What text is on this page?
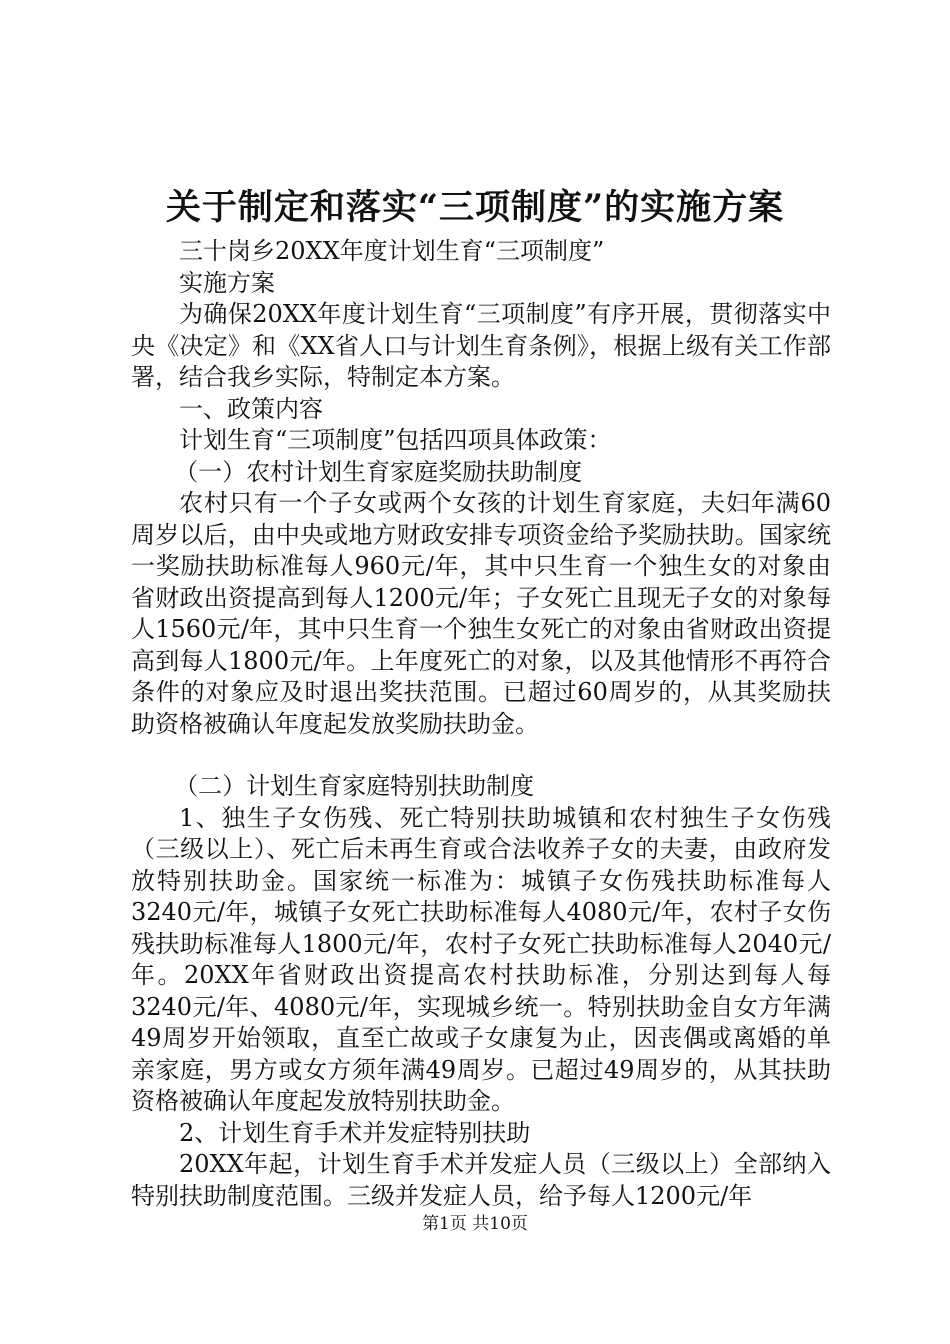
关于制定和落实“三项制度”的实施方案

三十岗乡20XX年度计划生育“三项制度”

实施方案

为确保20XX年度计划生育“三项制度”有序开展，贯彻落实中央《决定》和《XX省人口与计划生育条例》，根据上级有关工作部署，结合我乡实际，特制定本方案。

一、政策内容

计划生育“三项制度”包括四项具体政策：

（一）农村计划生育家庭奖励扶助制度

农村只有一个子女或两个女孩的计划生育家庭，夫妇年满60周岁以后，由中央或地方财政安排专项资金给予奖励扶助。国家统一奖励扶助标准每人960元/年，其中只生育一个独生女的对象由省财政出资提高到每人1200元/年；子女死亡且现无子女的对象每人1560元/年，其中只生育一个独生女死亡的对象由省财政出资提高到每人1800元/年。上年度死亡的对象，以及其他情形不再符合条件的对象应及时退出奖扶范围。已超过60周岁的，从其奖励扶助资格被确认年度起发放奖励扶助金。

（二）计划生育家庭特别扶助制度

1、独生子女伤残、死亡特别扶助城镇和农村独生子女伤残（三级以上）、死亡后未再生育或合法收养子女的夫妻，由政府发放特别扶助金。国家统一标准为：城镇子女伤残扶助标准每人3240元/年，城镇子女死亡扶助标准每人4080元/年，农村子女伤残扶助标准每人1800元/年，农村子女死亡扶助标准每人2040元/年。20XX年省财政出资提高农村扶助标准，分别达到每人每3240元/年、4080元/年，实现城乡统一。特别扶助金自女方年满49周岁开始领取，直至亡故或子女康复为止，因丧偶或离婚的单亲家庭，男方或女方须年满49周岁。已超过49周岁的，从其扶助资格被确认年度起发放特别扶助金。

2、计划生育手术并发症特别扶助

20XX年起，计划生育手术并发症人员（三级以上）全部纳入特别扶助制度范围。三级并发症人员，给予每人1200元/年

第1页 共10页
